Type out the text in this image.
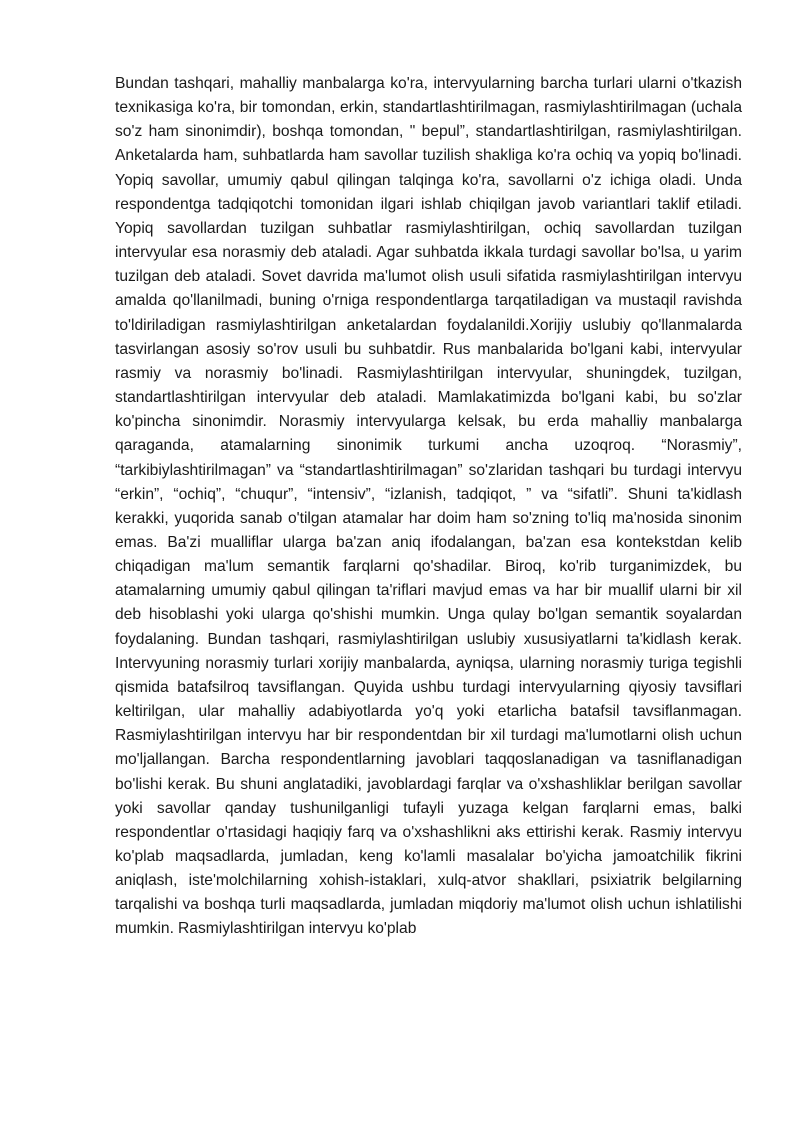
Bundan tashqari, mahalliy manbalarga ko'ra, intervyularning barcha turlari ularni o'tkazish texnikasiga ko'ra, bir tomondan, erkin, standartlashtirilmagan, rasmiylashtirilmagan (uchala so'z ham sinonimdir), boshqa tomondan, " bepul”, standartlashtirilgan, rasmiylashtirilgan. Anketalarda ham, suhbatlarda ham savollar tuzilish shakliga ko'ra ochiq va yopiq bo'linadi. Yopiq savollar, umumiy qabul qilingan talqinga ko'ra, savollarni o'z ichiga oladi. Unda respondentga tadqiqotchi tomonidan ilgari ishlab chiqilgan javob variantlari taklif etiladi. Yopiq savollardan tuzilgan suhbatlar rasmiylashtirilgan, ochiq savollardan tuzilgan intervyular esa norasmiy deb ataladi. Agar suhbatda ikkala turdagi savollar bo'lsa, u yarim tuzilgan deb ataladi. Sovet davrida ma'lumot olish usuli sifatida rasmiylashtirilgan intervyu amalda qo'llanilmadi, buning o'rniga respondentlarga tarqatiladigan va mustaqil ravishda to'ldiriladigan rasmiylashtirilgan anketalardan foydalanildi.Xorijiy uslubiy qo'llanmalarda tasvirlangan asosiy so'rov usuli bu suhbatdir. Rus manbalarida bo'lgani kabi, intervyular rasmiy va norasmiy bo'linadi. Rasmiylashtirilgan intervyular, shuningdek, tuzilgan, standartlashtirilgan intervyular deb ataladi. Mamlakatimizda bo'lgani kabi, bu so'zlar ko'pincha sinonimdir. Norasmiy intervyularga kelsak, bu erda mahalliy manbalarga qaraganda, atamalarning sinonimik turkumi ancha uzoqroq. “Norasmiy”, “tarkibiylashtirilmagan” va “standartlashtirilmagan” so'zlaridan tashqari bu turdagi intervyu “erkin”, “ochiq”, “chuqur”, “intensiv”, “izlanish, tadqiqot, ” va “sifatli”. Shuni ta'kidlash kerakki, yuqorida sanab o'tilgan atamalar har doim ham so'zning to'liq ma'nosida sinonim emas. Ba'zi mualliflar ularga ba'zan aniq ifodalangan, ba'zan esa kontekstdan kelib chiqadigan ma'lum semantik farqlarni qo'shadilar. Biroq, ko'rib turganimizdek, bu atamalarning umumiy qabul qilingan ta'riflari mavjud emas va har bir muallif ularni bir xil deb hisoblashi yoki ularga qo'shishi mumkin. Unga qulay bo'lgan semantik soyalardan foydalaning. Bundan tashqari, rasmiylashtirilgan uslubiy xususiyatlarni ta'kidlash kerak. Intervyuning norasmiy turlari xorijiy manbalarda, ayniqsa, ularning norasmiy turiga tegishli qismida batafsilroq tavsiflangan. Quyida ushbu turdagi intervyularning qiyosiy tavsiflari keltirilgan, ular mahalliy adabiyotlarda yo'q yoki etarlicha batafsil tavsiflanmagan. Rasmiylashtirilgan intervyu har bir respondentdan bir xil turdagi ma'lumotlarni olish uchun mo'ljallangan. Barcha respondentlarning javoblari taqqoslanadigan va tasniflanadigan bo'lishi kerak. Bu shuni anglatadiki, javoblardagi farqlar va o'xshashliklar berilgan savollar yoki savollar qanday tushunilganligi tufayli yuzaga kelgan farqlarni emas, balki respondentlar o'rtasidagi haqiqiy farq va o'xshashlikni aks ettirishi kerak. Rasmiy intervyu ko'plab maqsadlarda, jumladan, keng ko'lamli masalalar bo'yicha jamoatchilik fikrini aniqlash, iste'molchilarning xohish-istaklari, xulq-atvor shakllari, psixiatrik belgilarning tarqalishi va boshqa turli maqsadlarda, jumladan miqdoriy ma'lumot olish uchun ishlatilishi mumkin. Rasmiylashtirilgan intervyu ko'plab
